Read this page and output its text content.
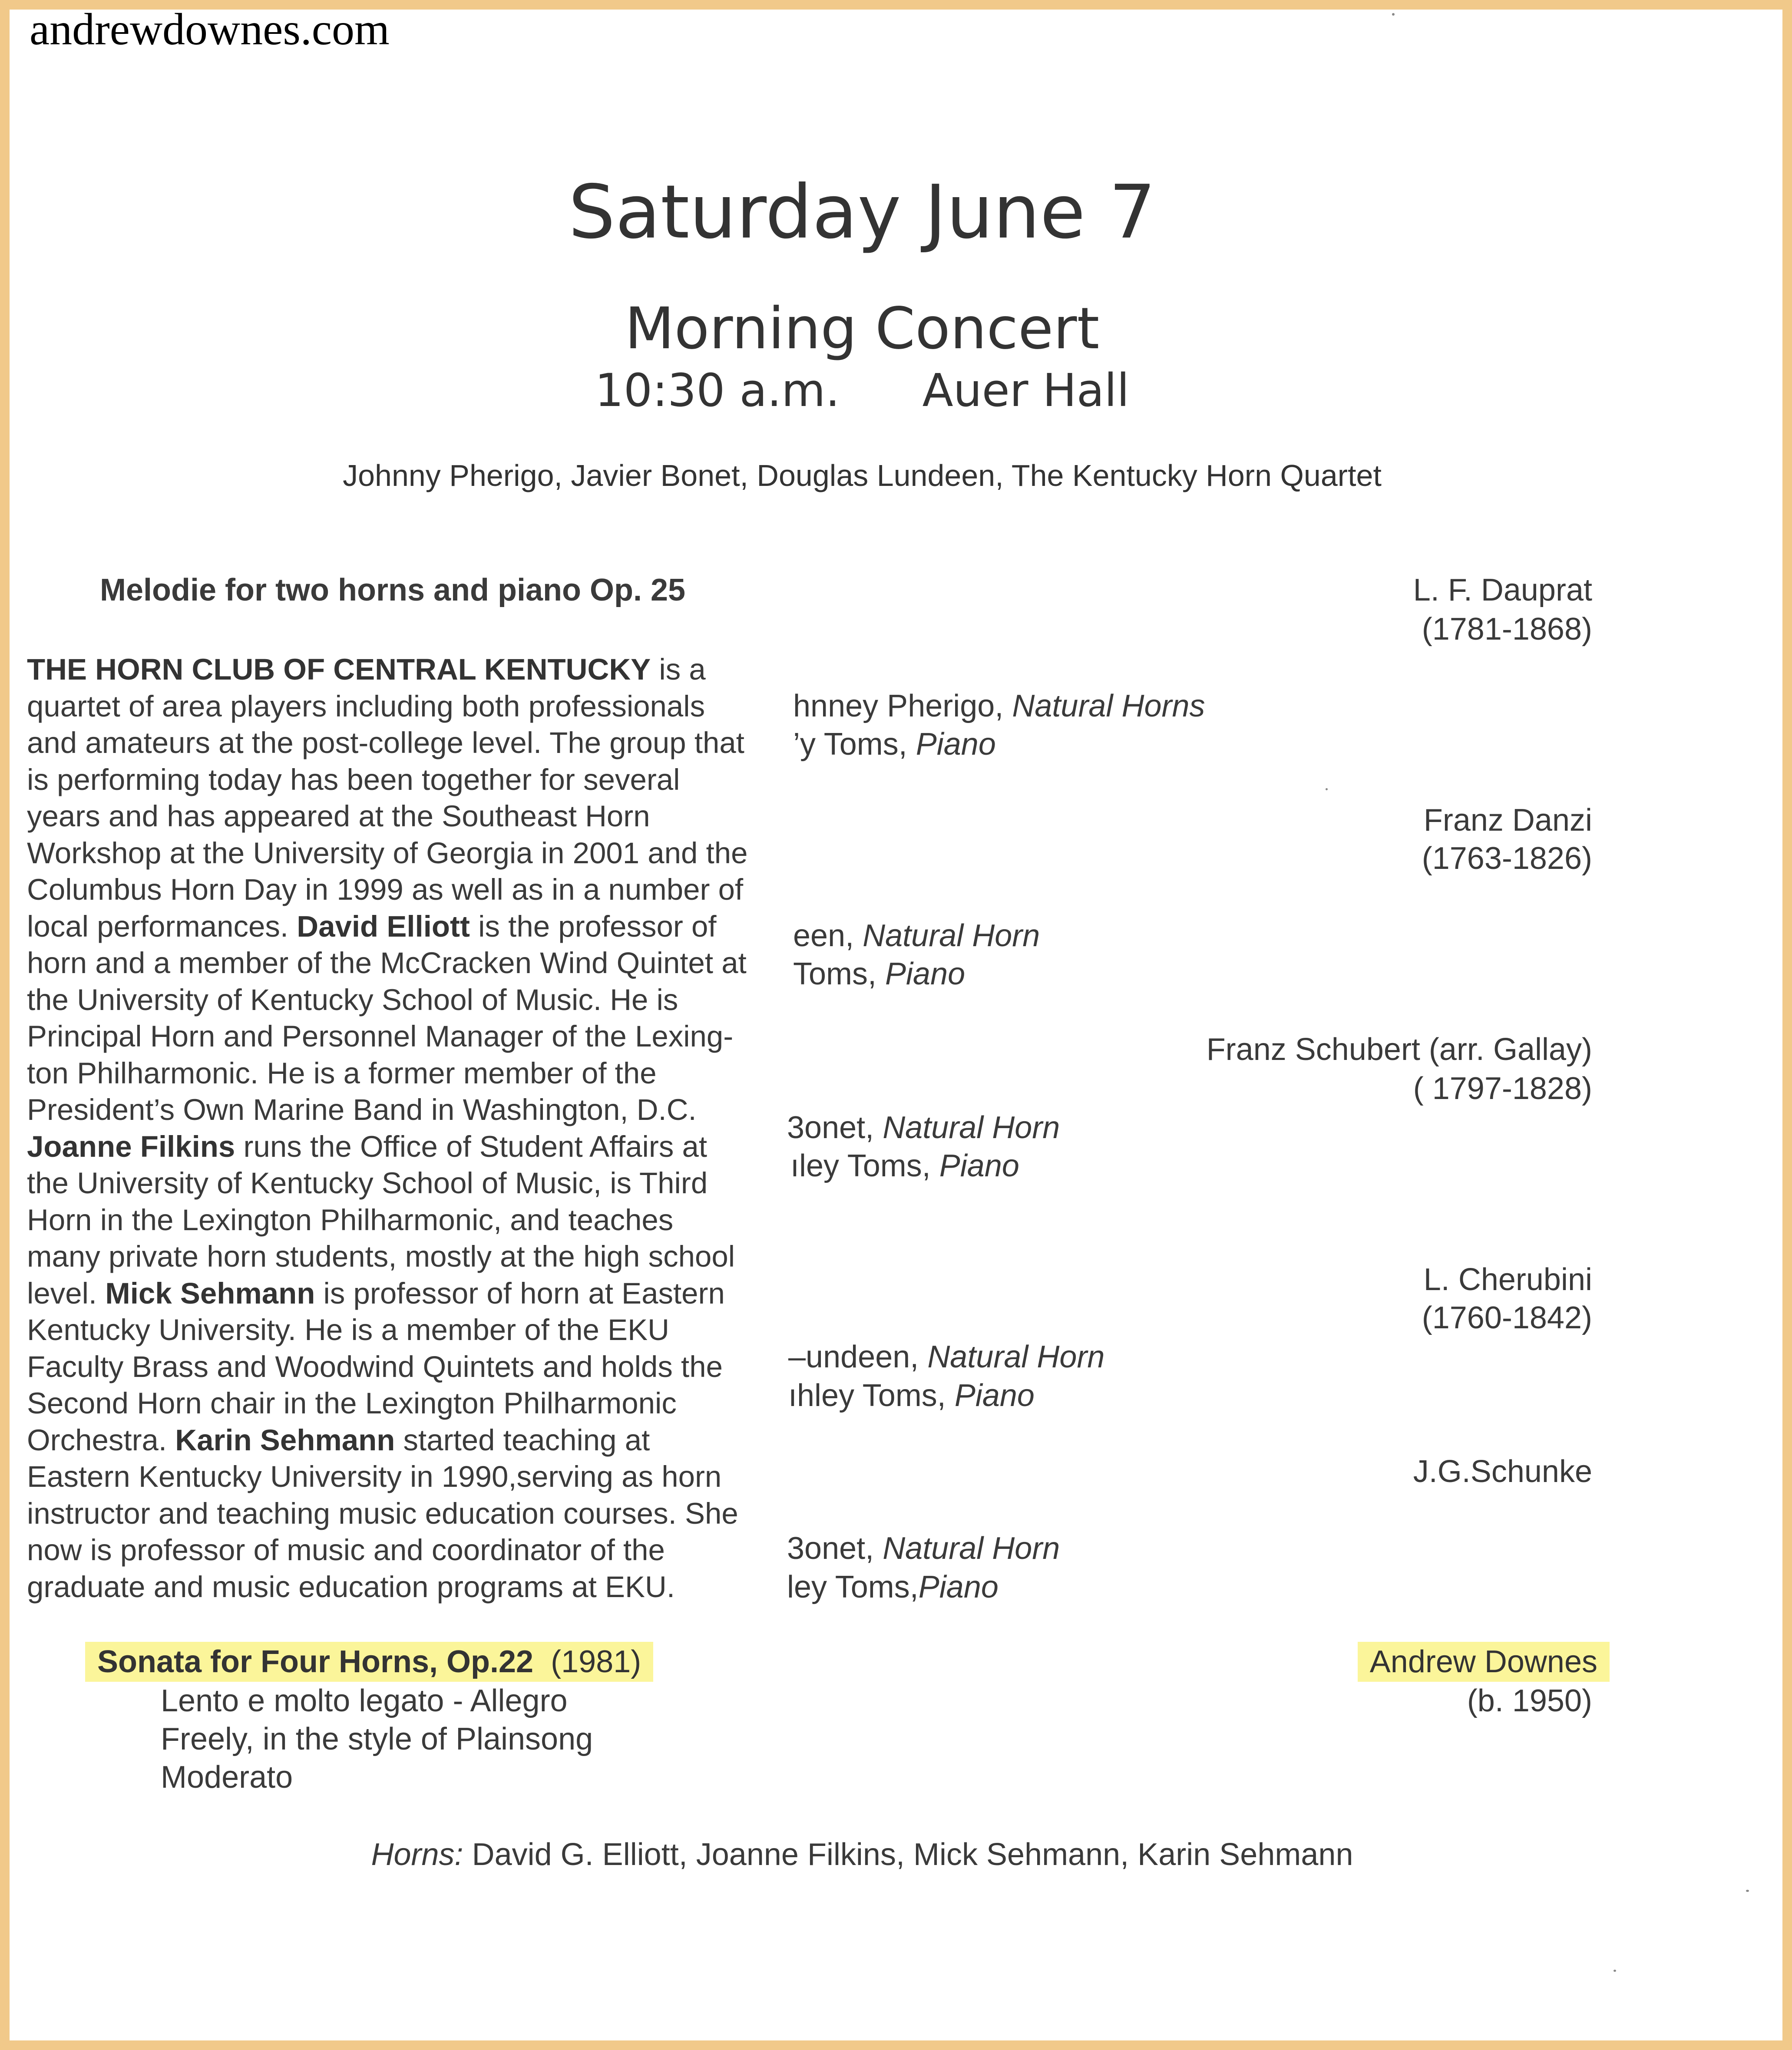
andrewdownes.com
Saturday June 7
Morning Concert
10:30 a.m. Auer Hall
Johnny Pherigo, Javier Bonet, Douglas Lundeen, The Kentucky Horn Quartet
Melodie for two horns and piano Op. 25	L. F. Dauprat
(1781-1868)
hnney Pherigo, Natural Horns
’y Toms, Piano
Franz Danzi
(1763-1826)
een, Natural Horn
Toms, Piano
Franz Schubert (arr. Gallay)
( 1797-1828)
3onet, Natural Horn
ıley Toms, Piano
L. Cherubini
(1760-1842)
–undeen, Natural Horn
ıhley Toms, Piano
J.G.Schunke
3onet, Natural Horn
ley Toms,Piano
THE HORN CLUB OF CENTRAL KENTUCKY is a
quartet of area players including both professionals
and amateurs at the post-college level. The group that
is performing today has been together for several
years and has appeared at the Southeast Horn
Workshop at the University of Georgia in 2001 and the
Columbus Horn Day in 1999 as well as in a number of
local performances. David Elliott is the professor of
horn and a member of the McCracken Wind Quintet at
the University of Kentucky School of Music. He is
Principal Horn and Personnel Manager of the Lexing-
ton Philharmonic. He is a former member of the
President’s Own Marine Band in Washington, D.C.
Joanne Filkins runs the Office of Student Affairs at
the University of Kentucky School of Music, is Third
Horn in the Lexington Philharmonic, and teaches
many private horn students, mostly at the high school
level. Mick Sehmann is professor of horn at Eastern
Kentucky University. He is a member of the EKU
Faculty Brass and Woodwind Quintets and holds the
Second Horn chair in the Lexington Philharmonic
Orchestra. Karin Sehmann started teaching at
Eastern Kentucky University in 1990,serving as horn
instructor and teaching music education courses. She
now is professor of music and coordinator of the
graduate and music education programs at EKU.
Sonata for Four Horns, Op.22 (1981)	Andrew Downes
(b. 1950)
Lento e molto legato - Allegro
Freely, in the style of Plainsong
Moderato
Horns: David G. Elliott, Joanne Filkins, Mick Sehmann, Karin Sehmann
